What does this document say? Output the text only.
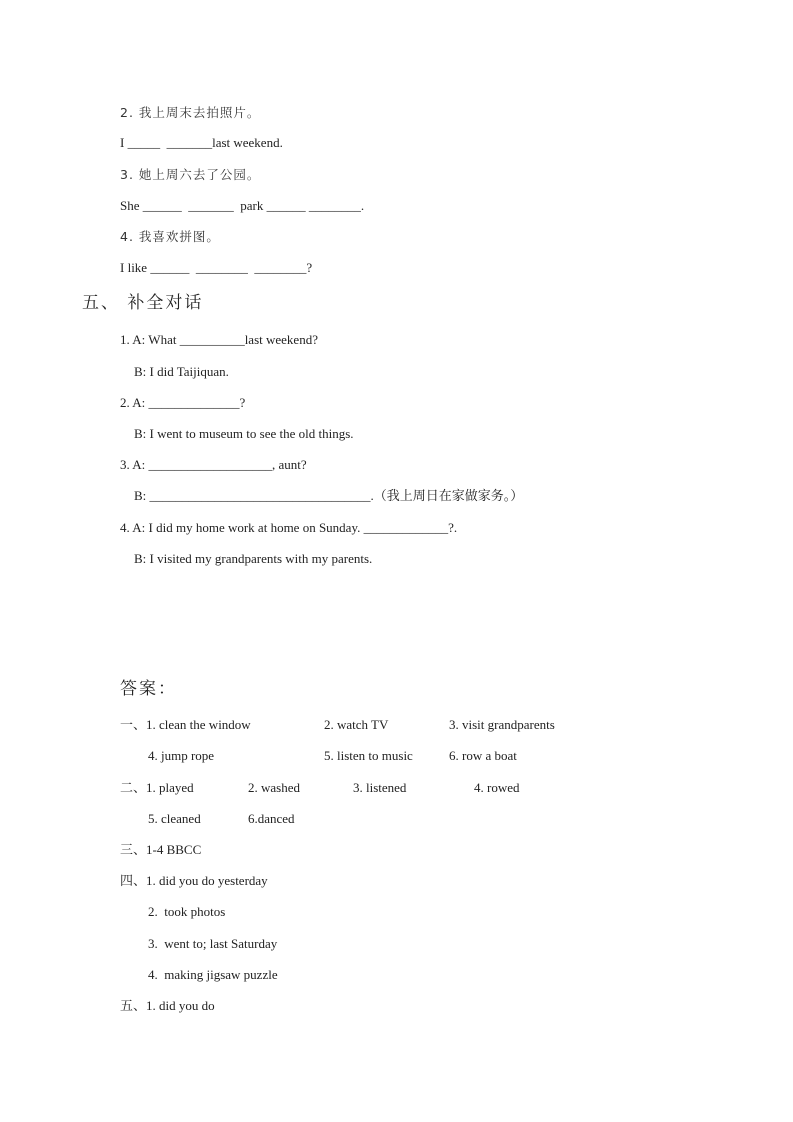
2. 我上周末去拍照片。
I _____  _______last weekend.
3. 她上周六去了公园。
She ______  _______  park ______ ________.
4. 我喜欢拼图。
I like ______  ________  ________?
五、 补全对话
1. A: What __________last weekend?
B: I did Taijiquan.
2. A: ______________?
B: I went to museum to see the old things.
3. A: ___________________, aunt?
B: __________________________________.（我上周日在家做家务。）
4. A: I did my home work at home on Sunday. _____________?.
B: I visited my grandparents with my parents.
答案：
一、1. clean the window	2. watch TV	3. visit grandparents
4. jump rope	5. listen to music	6. row a boat
二、1. played	2. washed	3. listened	4. rowed
5. cleaned	6.danced
三、1-4 BBCC
四、1. did you do yesterday
2.  took photos
3.  went to; last Saturday
4.  making jigsaw puzzle
五、1. did you do
